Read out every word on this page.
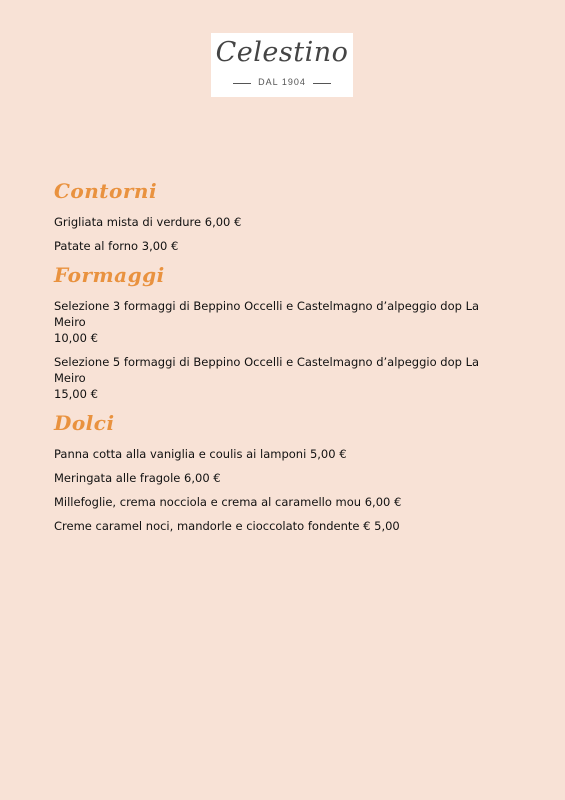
Celestino
DAL 1904
Contorni
Grigliata mista di verdure 6,00 €
Patate al forno 3,00 €
Formaggi
Selezione 3 formaggi di Beppino Occelli e Castelmagno d’alpeggio dop La Meiro
10,00 €
Selezione 5 formaggi di Beppino Occelli e Castelmagno d’alpeggio dop La Meiro
15,00 €
Dolci
Panna cotta alla vaniglia e coulis ai lamponi 5,00 €
Meringata alle fragole 6,00 €
Millefoglie, crema nocciola e crema al caramello mou 6,00 €
Creme caramel noci, mandorle e cioccolato fondente € 5,00
